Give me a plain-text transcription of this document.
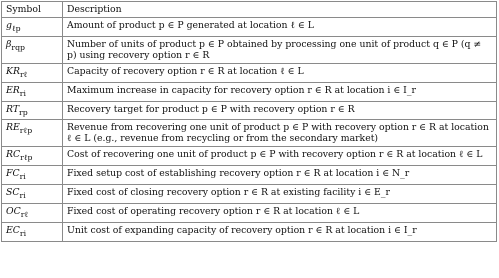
Symbol	Description
$g_{\ell p}$	Amount of product p ∈ P generated at location ℓ ∈ L
$\beta_{rqp}$	Number of units of product p ∈ P obtained by processing one unit of product q ∈ P (q ≠ p) using recovery option r ∈ R
$KR_{r\ell}$	Capacity of recovery option r ∈ R at location ℓ ∈ L
$ER_{ri}$	Maximum increase in capacity for recovery option r ∈ R at location i ∈ I_r
$RT_{rp}$	Recovery target for product p ∈ P with recovery option r ∈ R
$RE_{r\ell p}$	Revenue from recovering one unit of product p ∈ P with recovery option r ∈ R at location ℓ ∈ L (e.g., revenue from recycling or from the secondary market)
$RC_{r\ell p}$	Cost of recovering one unit of product p ∈ P with recovery option r ∈ R at location ℓ ∈ L
$FC_{ri}$	Fixed setup cost of establishing recovery option r ∈ R at location i ∈ N_r
$SC_{ri}$	Fixed cost of closing recovery option r ∈ R at existing facility i ∈ E_r
$OC_{r\ell}$	Fixed cost of operating recovery option r ∈ R at location ℓ ∈ L
$EC_{ri}$	Unit cost of expanding capacity of recovery option r ∈ R at location i ∈ I_r
